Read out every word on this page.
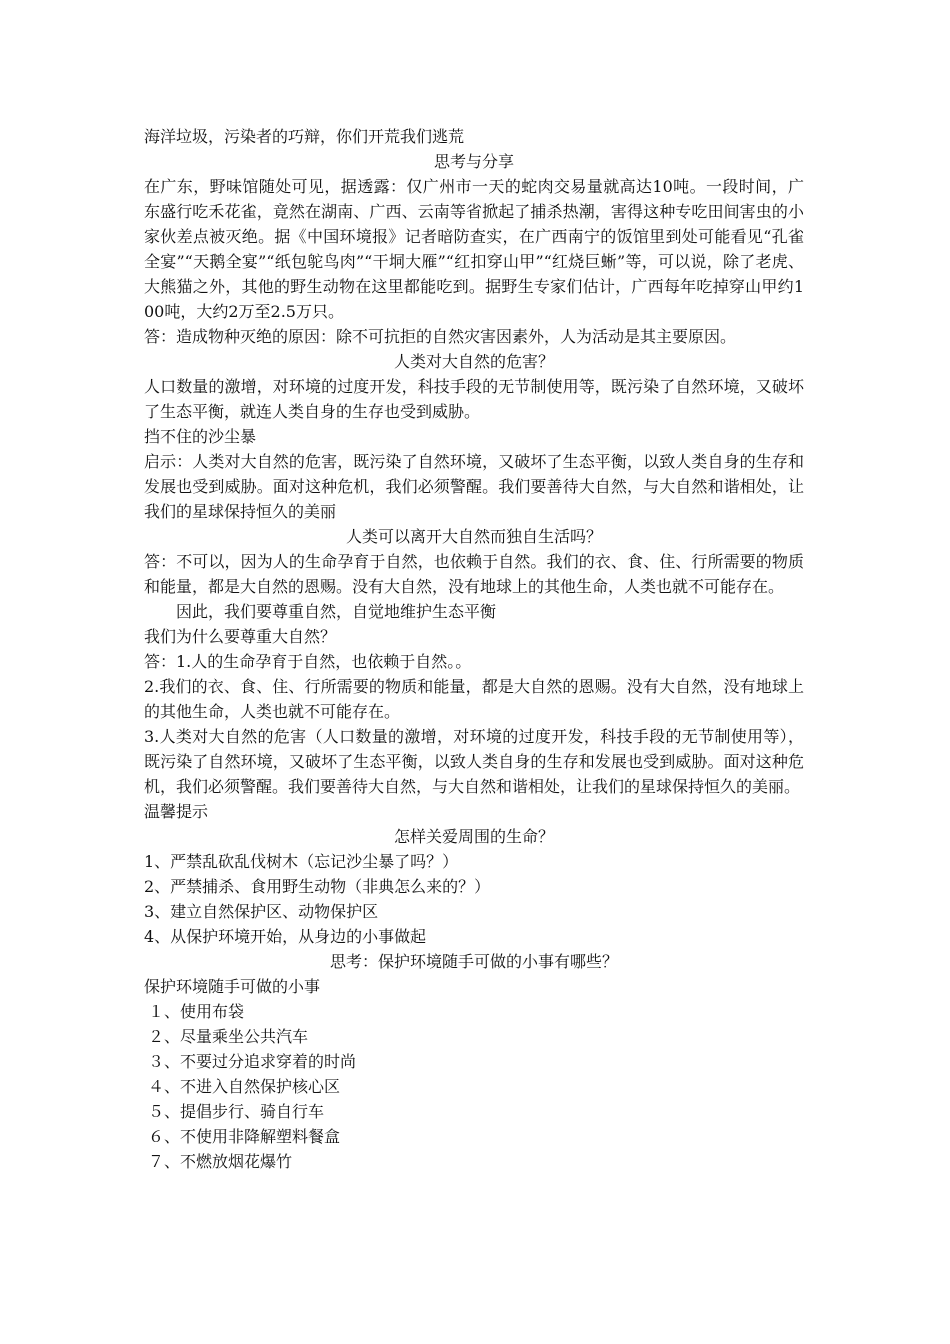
海洋垃圾，污染者的巧辩，你们开荒我们逃荒
思考与分享
在广东，野味馆随处可见，据透露：仅广州市一天的蛇肉交易量就高达10吨。一段时间，广东盛行吃禾花雀，竟然在湖南、广西、云南等省掀起了捕杀热潮，害得这种专吃田间害虫的小家伙差点被灭绝。据《中国环境报》记者暗防查实，在广西南宁的饭馆里到处可能看见“孔雀全宴”“天鹅全宴”“纸包鸵鸟肉”“干垌大雁”“红扣穿山甲”“红烧巨蜥”等，可以说，除了老虎、大熊猫之外，其他的野生动物在这里都能吃到。据野生专家们估计，广西每年吃掉穿山甲约100吨，大约2万至2.5万只。
答：造成物种灭绝的原因：除不可抗拒的自然灾害因素外，人为活动是其主要原因。
人类对大自然的危害？
人口数量的激增，对环境的过度开发，科技手段的无节制使用等，既污染了自然环境，又破坏了生态平衡，就连人类自身的生存也受到威胁。
挡不住的沙尘暴
启示：人类对大自然的危害，既污染了自然环境，又破坏了生态平衡，以致人类自身的生存和发展也受到威胁。面对这种危机，我们必须警醒。我们要善待大自然，与大自然和谐相处，让我们的星球保持恒久的美丽
人类可以离开大自然而独自生活吗？
答：不可以，因为人的生命孕育于自然，也依赖于自然。我们的衣、食、住、行所需要的物质和能量，都是大自然的恩赐。没有大自然，没有地球上的其他生命，人类也就不可能存在。
因此，我们要尊重自然，自觉地维护生态平衡
我们为什么要尊重大自然？
答：1.人的生命孕育于自然，也依赖于自然。。
2.我们的衣、食、住、行所需要的物质和能量，都是大自然的恩赐。没有大自然，没有地球上的其他生命，人类也就不可能存在。
3.人类对大自然的危害（人口数量的激增，对环境的过度开发，科技手段的无节制使用等），既污染了自然环境，又破坏了生态平衡，以致人类自身的生存和发展也受到威胁。面对这种危机，我们必须警醒。我们要善待大自然，与大自然和谐相处，让我们的星球保持恒久的美丽。
温馨提示
怎样关爱周围的生命？
1、严禁乱砍乱伐树木（忘记沙尘暴了吗？）
2、严禁捕杀、食用野生动物（非典怎么来的？）
3、建立自然保护区、动物保护区
4、从保护环境开始，从身边的小事做起
思考：保护环境随手可做的小事有哪些？
保护环境随手可做的小事
１、使用布袋
２、尽量乘坐公共汽车
３、不要过分追求穿着的时尚
４、不进入自然保护核心区
５、提倡步行、骑自行车
６、不使用非降解塑料餐盒
７、不燃放烟花爆竹
